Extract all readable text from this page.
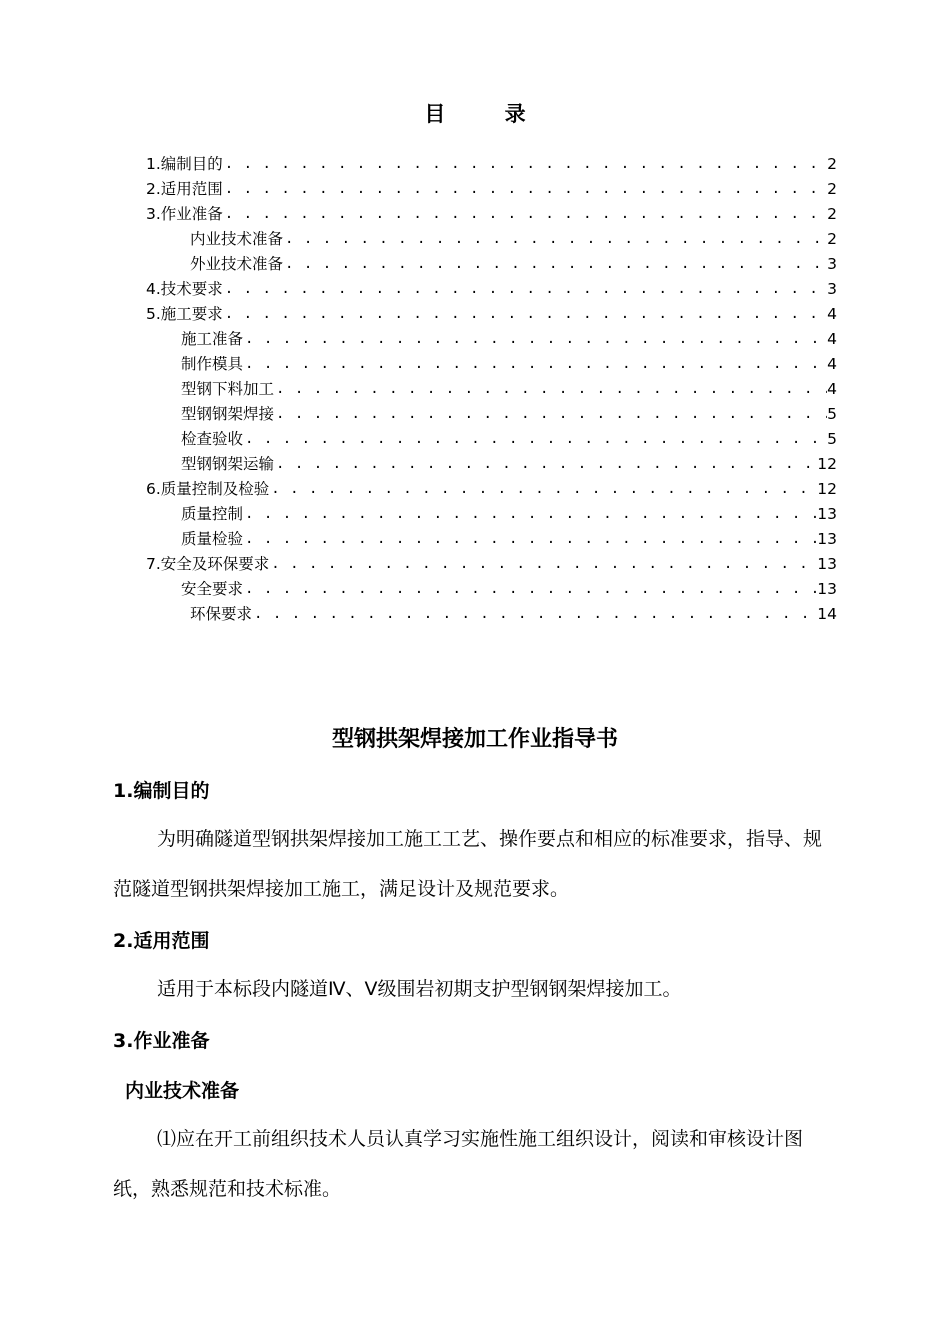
目 录
1.编制目的 . . .	2
2.适用范围 . . .	2
3.作业准备 . . .	2
内业技术准备 . . .	2
外业技术准备 . . .	3
4.技术要求 . . .	3
5.施工要求 . . .	4
施工准备 . . .	4
制作模具 . . .	4
型钢下料加工 . . .	4
型钢钢架焊接 . . .	5
检查验收 . . .	5
型钢钢架运输 . . .	12
6.质量控制及检验 . . .	12
质量控制 . . .	13
质量检验 . . .	13
7.安全及环保要求 . . .	13
安全要求 . . .	13
环保要求 . . .	14
型钢拱架焊接加工作业指导书
1.编制目的

为明确隧道型钢拱架焊接加工施工工艺、操作要点和相应的标准要求，指导、规范隧道型钢拱架焊接加工施工，满足设计及规范要求。

2.适用范围

适用于本标段内隧道Ⅳ、Ⅴ级围岩初期支护型钢钢架焊接加工。

3.作业准备
内业技术准备

⑴应在开工前组织技术人员认真学习实施性施工组织设计，阅读和审核设计图纸，熟悉规范和技术标准。
